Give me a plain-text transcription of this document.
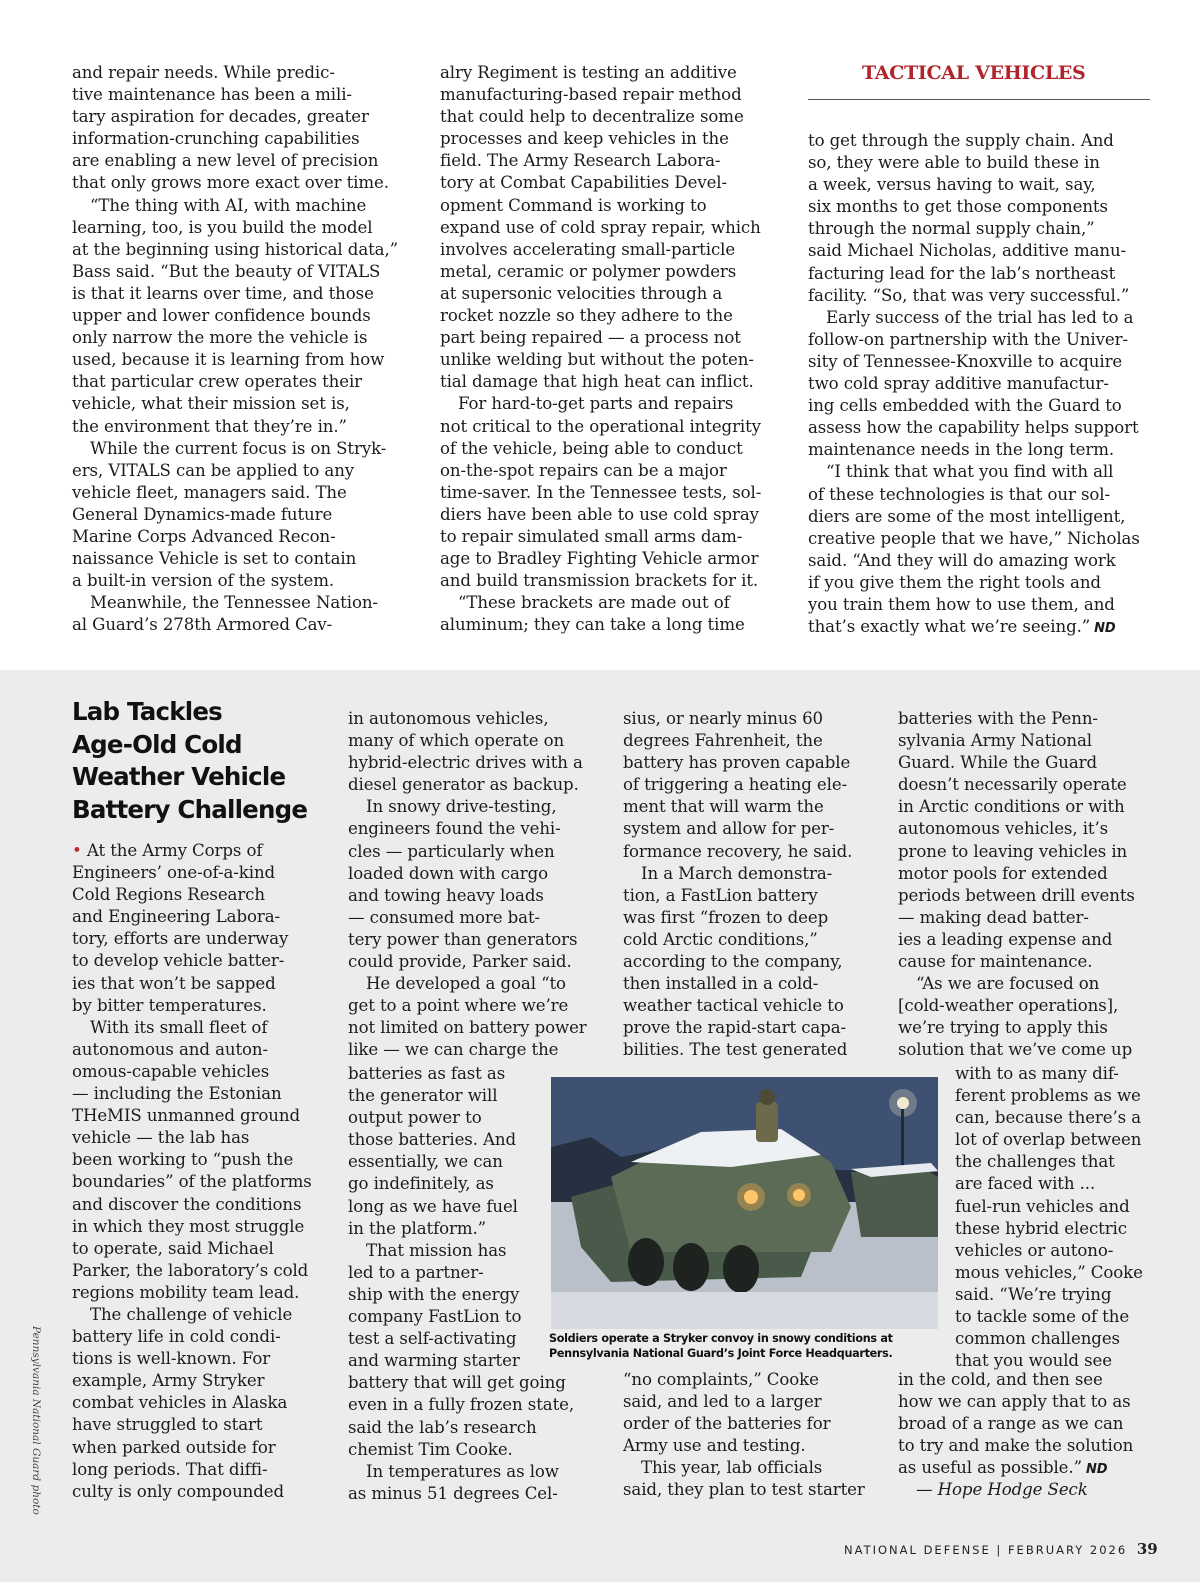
TACTICAL VEHICLES
and repair needs. While predic-
tive maintenance has been a mili-
tary aspiration for decades, greater
information-crunching capabilities
are enabling a new level of precision
that only grows more exact over time.
“The thing with AI, with machine
learning, too, is you build the model
at the beginning using historical data,”
Bass said. “But the beauty of VITALS
is that it learns over time, and those
upper and lower confidence bounds
only narrow the more the vehicle is
used, because it is learning from how
that particular crew operates their
vehicle, what their mission set is,
the environment that they’re in.”
While the current focus is on Stryk-
ers, VITALS can be applied to any
vehicle fleet, managers said. The
General Dynamics-made future
Marine Corps Advanced Recon-
naissance Vehicle is set to contain
a built-in version of the system.
Meanwhile, the Tennessee Nation-
al Guard’s 278th Armored Cav-
alry Regiment is testing an additive
manufacturing-based repair method
that could help to decentralize some
processes and keep vehicles in the
field. The Army Research Labora-
tory at Combat Capabilities Devel-
opment Command is working to
expand use of cold spray repair, which
involves accelerating small-particle
metal, ceramic or polymer powders
at supersonic velocities through a
rocket nozzle so they adhere to the
part being repaired — a process not
unlike welding but without the poten-
tial damage that high heat can inflict.
For hard-to-get parts and repairs
not critical to the operational integrity
of the vehicle, being able to conduct
on-the-spot repairs can be a major
time-saver. In the Tennessee tests, sol-
diers have been able to use cold spray
to repair simulated small arms dam-
age to Bradley Fighting Vehicle armor
and build transmission brackets for it.
“These brackets are made out of
aluminum; they can take a long time
to get through the supply chain. And
so, they were able to build these in
a week, versus having to wait, say,
six months to get those components
through the normal supply chain,”
said Michael Nicholas, additive manu-
facturing lead for the lab’s northeast
facility. “So, that was very successful.”
Early success of the trial has led to a
follow-on partnership with the Univer-
sity of Tennessee-Knoxville to acquire
two cold spray additive manufactur-
ing cells embedded with the Guard to
assess how the capability helps support
maintenance needs in the long term.
“I think that what you find with all
of these technologies is that our sol-
diers are some of the most intelligent,
creative people that we have,” Nicholas
said. “And they will do amazing work
if you give them the right tools and
you train them how to use them, and
that’s exactly what we’re seeing.” ND
Lab Tackles
Age-Old Cold
Weather Vehicle
Battery Challenge
• At the Army Corps of
Engineers’ one-of-a-kind
Cold Regions Research
and Engineering Labora-
tory, efforts are underway
to develop vehicle batter-
ies that won’t be sapped
by bitter temperatures.
With its small fleet of
autonomous and auton-
omous-capable vehicles
— including the Estonian
THeMIS unmanned ground
vehicle — the lab has
been working to “push the
boundaries” of the platforms
and discover the conditions
in which they most struggle
to operate, said Michael
Parker, the laboratory’s cold
regions mobility team lead.
The challenge of vehicle
battery life in cold condi-
tions is well-known. For
example, Army Stryker
combat vehicles in Alaska
have struggled to start
when parked outside for
long periods. That diffi-
culty is only compounded
in autonomous vehicles,
many of which operate on
hybrid-electric drives with a
diesel generator as backup.
In snowy drive-testing,
engineers found the vehi-
cles — particularly when
loaded down with cargo
and towing heavy loads
— consumed more bat-
tery power than generators
could provide, Parker said.
He developed a goal “to
get to a point where we’re
not limited on battery power
like — we can charge the
batteries as fast as
the generator will
output power to
those batteries. And
essentially, we can
go indefinitely, as
long as we have fuel
in the platform.”
That mission has
led to a partner-
ship with the energy
company FastLion to
test a self-activating
and warming starter
battery that will get going
even in a fully frozen state,
said the lab’s research
chemist Tim Cooke.
In temperatures as low
as minus 51 degrees Cel-
sius, or nearly minus 60
degrees Fahrenheit, the
battery has proven capable
of triggering a heating ele-
ment that will warm the
system and allow for per-
formance recovery, he said.
In a March demonstra-
tion, a FastLion battery
was first “frozen to deep
cold Arctic conditions,”
according to the company,
then installed in a cold-
weather tactical vehicle to
prove the rapid-start capa-
bilities. The test generated
“no complaints,” Cooke
said, and led to a larger
order of the batteries for
Army use and testing.
This year, lab officials
said, they plan to test starter
batteries with the Penn-
sylvania Army National
Guard. While the Guard
doesn’t necessarily operate
in Arctic conditions or with
autonomous vehicles, it’s
prone to leaving vehicles in
motor pools for extended
periods between drill events
— making dead batter-
ies a leading expense and
cause for maintenance.
“As we are focused on
[cold-weather operations],
we’re trying to apply this
solution that we’ve come up
with to as many dif-
ferent problems as we
can, because there’s a
lot of overlap between
the challenges that
are faced with ...
fuel-run vehicles and
these hybrid electric
vehicles or autono-
mous vehicles,” Cooke
said. “We’re trying
to tackle some of the
common challenges
that you would see
in the cold, and then see
how we can apply that to as
broad of a range as we can
to try and make the solution
as useful as possible.” ND
— Hope Hodge Seck
Soldiers operate a Stryker convoy in snowy conditions at
Pennsylvania National Guard’s Joint Force Headquarters.
Pennsylvania National Guard photo
NATIONAL DEFENSE | FEBRUARY 2026 39
